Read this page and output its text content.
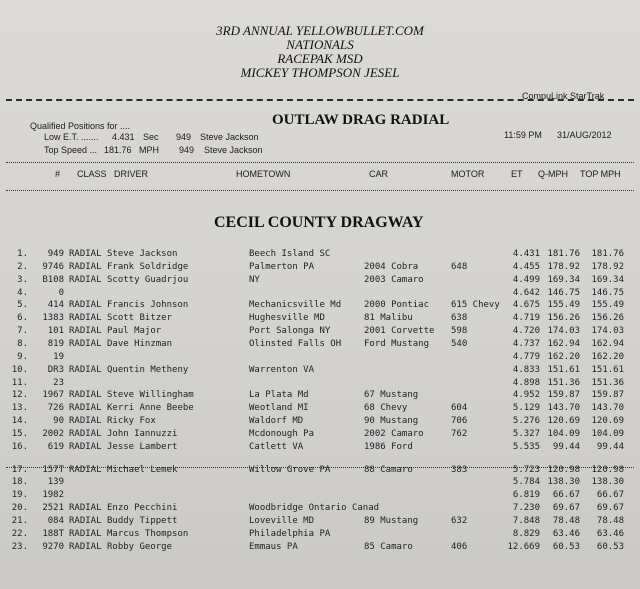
3RD ANNUAL YELLOWBULLET.COM
NATIONALS
RACEPAK MSD
MICKEY THOMPSON JESEL
CompuLink StarTrak
Qualified Positions for ....
Low E.T. ....... 4.431 Sec 949 Steve Jackson
Top Speed ... 181.76 MPH 949 Steve Jackson
OUTLAW DRAG RADIAL
11:59 PM 31/AUG/2012
# CLASS DRIVER	HOMETOWN	CAR	MOTOR	ET Q-MPH TOP MPH
CECIL COUNTY DRAGWAY
1.	949 RADIAL Steve Jackson	Beech Island SC	4.431 181.76	181.76
2.	9746 RADIAL Frank Soldridge	Palmerton PA	2004 Cobra	648	4.455 178.92	178.92
3.	B108 RADIAL Scotty Guadrjou	NY	2003 Camaro	4.499 169.34	169.34
4.	0	4.642 146.75	146.75
5.	414 RADIAL Francis Johnson	Mechanicsville Md	2000 Pontiac	615 Chevy	4.675 155.49	155.49
6.	1383 RADIAL Scott Bitzer	Hughesville MD	81 Malibu	638	4.719 156.26	156.26
7.	101 RADIAL Paul Major	Port Salonga NY	2001 Corvette	598	4.720 174.03	174.03
8.	819 RADIAL Dave Hinzman	Olinsted Falls OH	Ford Mustang	540	4.737 162.94	162.94
9.	19	4.779 162.20	162.20
10.	DR3 RADIAL Quentin Metheny	Warrenton VA	4.833 151.61	151.61
11.	23	4.898 151.36	151.36
12.	1967 RADIAL Steve Willingham	La Plata Md	67 Mustang	4.952 159.87	159.87
13.	726 RADIAL Kerri Anne Beebe	Weotland MI	68 Chevy	604	5.129 143.70	143.70
14.	90 RADIAL Ricky Fox	Waldorf MD	90 Mustang	706	5.276 120.69	120.69
15.	2002 RADIAL John Iannuzzi	Mcdonough Pa	2002 Camaro	762	5.327 104.09	104.09
16.	619 RADIAL Jesse Lambert	Catlett VA	1986 Ford	5.535	99.44	99.44
17.	157T RADIAL Michael Lemek	Willow Grove PA	88 Camaro	383	5.723 120.98	120.98
18.	139	5.784 138.30	138.30
19.	1982	6.819	66.67	66.67
20.	2521 RADIAL Enzo Pecchini	Woodbridge Ontario Canad	7.230	69.67	69.67
21.	084 RADIAL Buddy Tippett	Loveville MD	89 Mustang	632	7.848	78.48	78.48
22.	188T RADIAL Marcus Thompson	Philadelphia PA	8.829	63.46	63.46
23.	9270 RADIAL Robby George	Emmaus PA	85 Camaro	406	12.669	60.53	60.53
